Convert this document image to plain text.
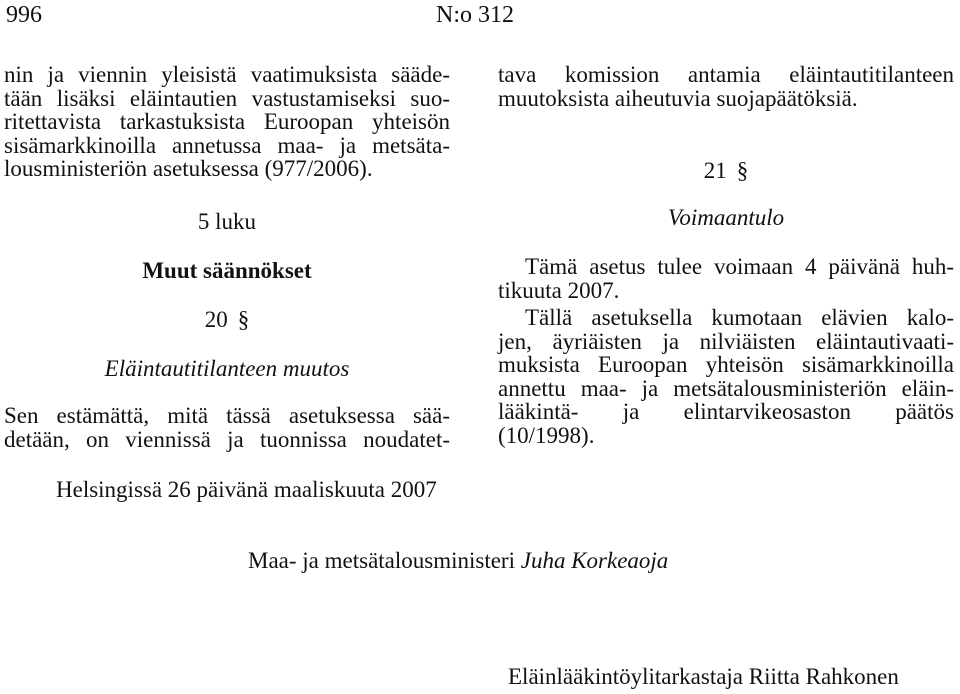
996	N:o 312
nin ja viennin yleisistä vaatimuksista sääde-
tään lisäksi eläintautien vastustamiseksi suo-
ritettavista tarkastuksista Euroopan yhteisön
sisämarkkinoilla annetussa maa- ja metsäta-
lousministeriön asetuksessa (977/2006).
5 luku
Muut säännökset
20 §
Eläintautitilanteen muutos
Sen estämättä, mitä tässä asetuksessa sää-
detään, on viennissä ja tuonnissa noudatet-
tava komission antamia eläintautitilanteen
muutoksista aiheutuvia suojapäätöksiä.
21 §
Voimaantulo
Tämä asetus tulee voimaan 4 päivänä huh-
tikuuta 2007.
Tällä asetuksella kumotaan elävien kalo-
jen, äyriäisten ja nilviäisten eläintautivaati-
muksista Euroopan yhteisön sisämarkkinoilla
annettu maa- ja metsätalousministeriön eläin-
lääkintä- ja elintarvikeosaston päätös
(10/1998).
Helsingissä 26 päivänä maaliskuuta 2007
Maa- ja metsätalousministeri Juha Korkeaoja
Eläinlääkintöylitarkastaja Riitta Rahkonen
